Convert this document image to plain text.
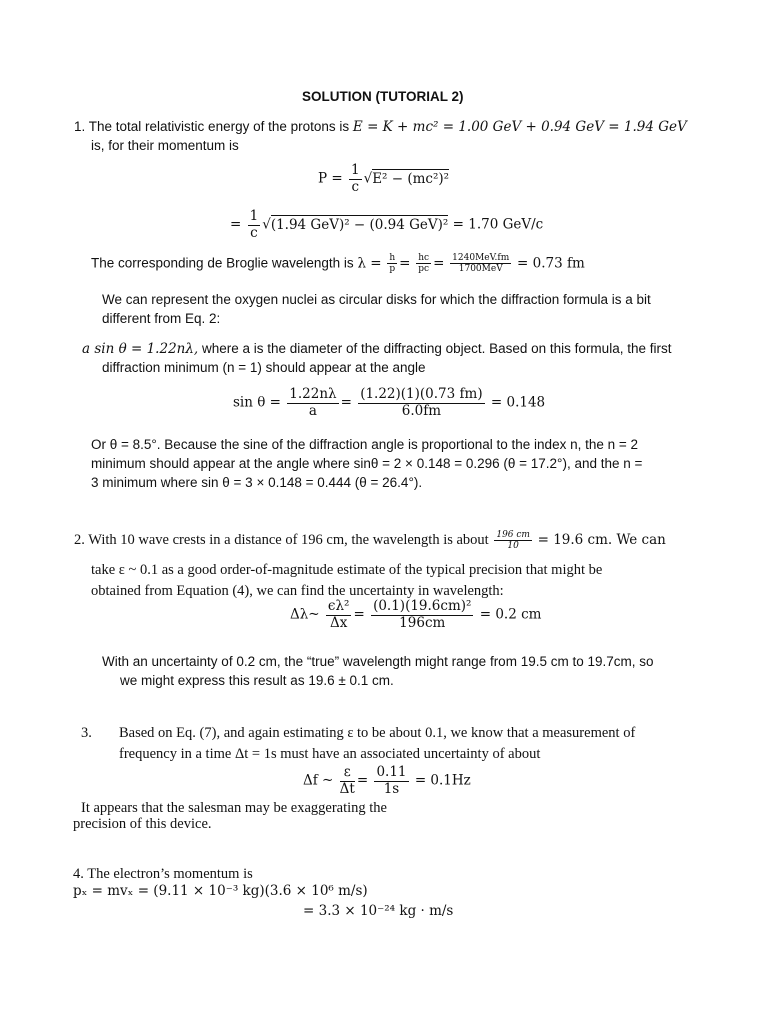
SOLUTION (TUTORIAL 2)
1. The total relativistic energy of the protons is E = K + mc² = 1.00 GeV + 0.94 GeV = 1.94 GeV
is, for their momentum is
$P = \frac{1}{c} √E^2 - (mc^2)^2$
= $\frac{1}{c} √(1.94$ GeV)² − (0.94 GeV)² = 1.70 GeV/c
The corresponding de Broglie wavelength is $\lambda = \frac{h}{p} = \frac{hc}{pc} = \frac{\text{1240MeV.fm}}{\text{1700MeV}} = 0.73$ fm
We can represent the oxygen nuclei as circular disks for which the diffraction formula is a bit
different from Eq. 2:
a sin θ = 1.22nλ, where a is the diameter of the diffracting object. Based on this formula, the first
diffraction minimum (n = 1) should appear at the angle
$\sin \theta = \frac{1.22n\lambda}{a} = \frac{(1.22)(1)(0.73 fm)}{6.0fm} = 0.148$
Or θ = 8.5°. Because the sine of the diffraction angle is proportional to the index n, the n = 2
minimum should appear at the angle where sinθ = 2 × 0.148 = 0.296 (θ = 17.2°), and the n =
3 minimum where sin θ = 3 × 0.148 = 0.444 (θ = 26.4°).
2. With 10 wave crests in a distance of 196 cm, the wavelength is about $\frac{196 cm}{10} = 19.6$ cm. We can
take ε ~ 0.1 as a good order-of-magnitude estimate of the typical precision that might be
obtained from Equation (4), we can find the uncertainty in wavelength:
Δλ~ $\frac{\text{ϵλ²}}{\Delta x} = \frac{\text{(0.1)(19.6cm)²}}{196cm} = 0.2$ cm
With an uncertainty of 0.2 cm, the “true” wavelength might range from 19.5 cm to 19.7cm, so
we might express this result as 19.6 ± 0.1 cm.
3. Based on Eq. (7), and again estimating ε to be about 0.1, we know that a measurement of
frequency in a time Δt = 1s must have an associated uncertainty of about
Δf ~ $\frac{\varepsilon}{\Delta t} = \frac{0.11}{1s} = 0.1Hz$
It appears that the salesman may be exaggerating the
precision of this device.
4. The electron’s momentum is
pₓ = mvₓ = (9.11 × 10⁻³ kg)(3.6 × 10⁶ m/s)
= 3.3 × 10⁻²⁴ kg · m/s
